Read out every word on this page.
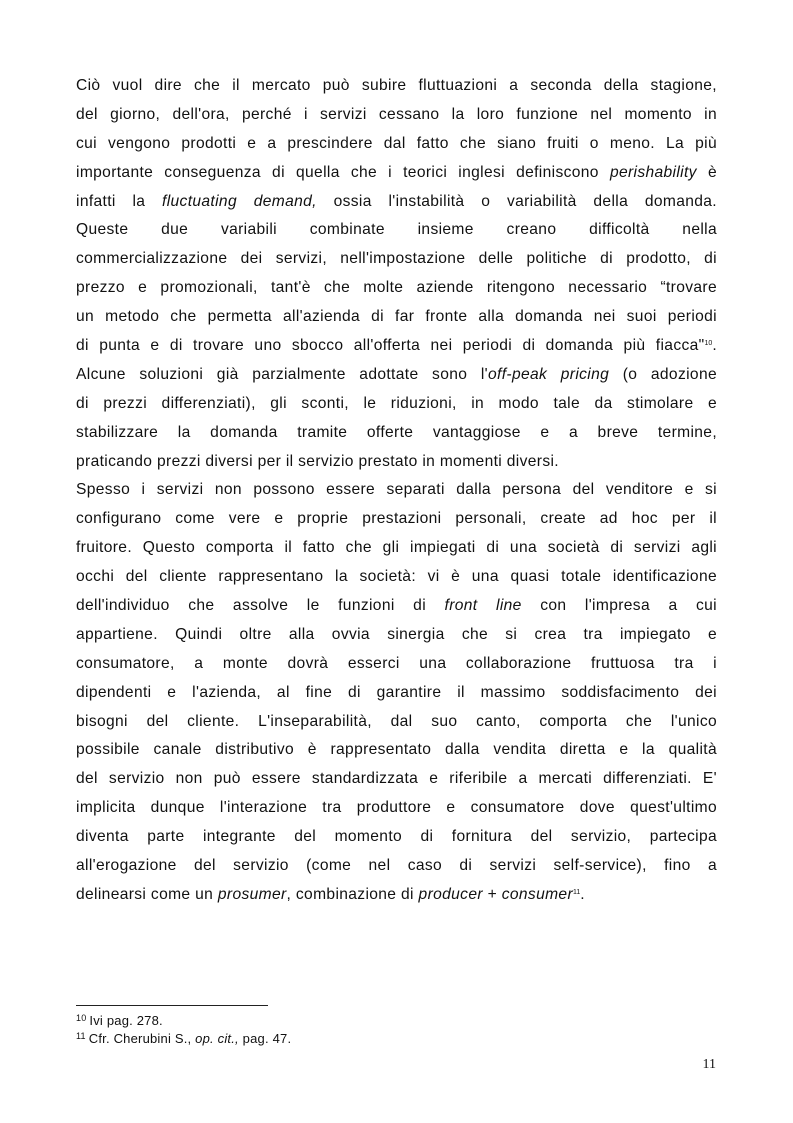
Ciò vuol dire che il mercato può subire fluttuazioni a seconda della stagione,
del giorno, dell'ora, perché i servizi cessano la loro funzione nel momento in
cui vengono prodotti e a prescindere dal fatto che siano fruiti o meno. La più
importante conseguenza di quella che i teorici inglesi definiscono perishability è
infatti la fluctuating demand, ossia l'instabilità o variabilità della domanda.
Queste due variabili combinate insieme creano difficoltà nella
commercializzazione dei servizi, nell'impostazione delle politiche di prodotto, di
prezzo e promozionali, tant'è che molte aziende ritengono necessario “trovare
un metodo che permetta all'azienda di far fronte alla domanda nei suoi periodi
di punta e di trovare uno sbocco all'offerta nei periodi di domanda più fiacca"$^{10}$.
Alcune soluzioni già parzialmente adottate sono l'off-peak pricing (o adozione
di prezzi differenziati), gli sconti, le riduzioni, in modo tale da stimolare e
stabilizzare la domanda tramite offerte vantaggiose e a breve termine,
praticando prezzi diversi per il servizio prestato in momenti diversi.
Spesso i servizi non possono essere separati dalla persona del venditore e si
configurano come vere e proprie prestazioni personali, create ad hoc per il
fruitore. Questo comporta il fatto che gli impiegati di una società di servizi agli
occhi del cliente rappresentano la società: vi è una quasi totale identificazione
dell'individuo che assolve le funzioni di front line con l'impresa a cui
appartiene. Quindi oltre alla ovvia sinergia che si crea tra impiegato e
consumatore, a monte dovrà esserci una collaborazione fruttuosa tra i
dipendenti e l'azienda, al fine di garantire il massimo soddisfacimento dei
bisogni del cliente. L'inseparabilità, dal suo canto, comporta che l'unico
possibile canale distributivo è rappresentato dalla vendita diretta e la qualità
del servizio non può essere standardizzata e riferibile a mercati differenziati. E'
implicita dunque l'interazione tra produttore e consumatore dove quest'ultimo
diventa parte integrante del momento di fornitura del servizio, partecipa
all'erogazione del servizio (come nel caso di servizi self-service), fino a
delinearsi come un prosumer, combinazione di producer + consumer$^{11}$.
$^{10}$ Ivi pag. 278.
$^{11}$ Cfr. Cherubini S., op. cit., pag. 47.
11
